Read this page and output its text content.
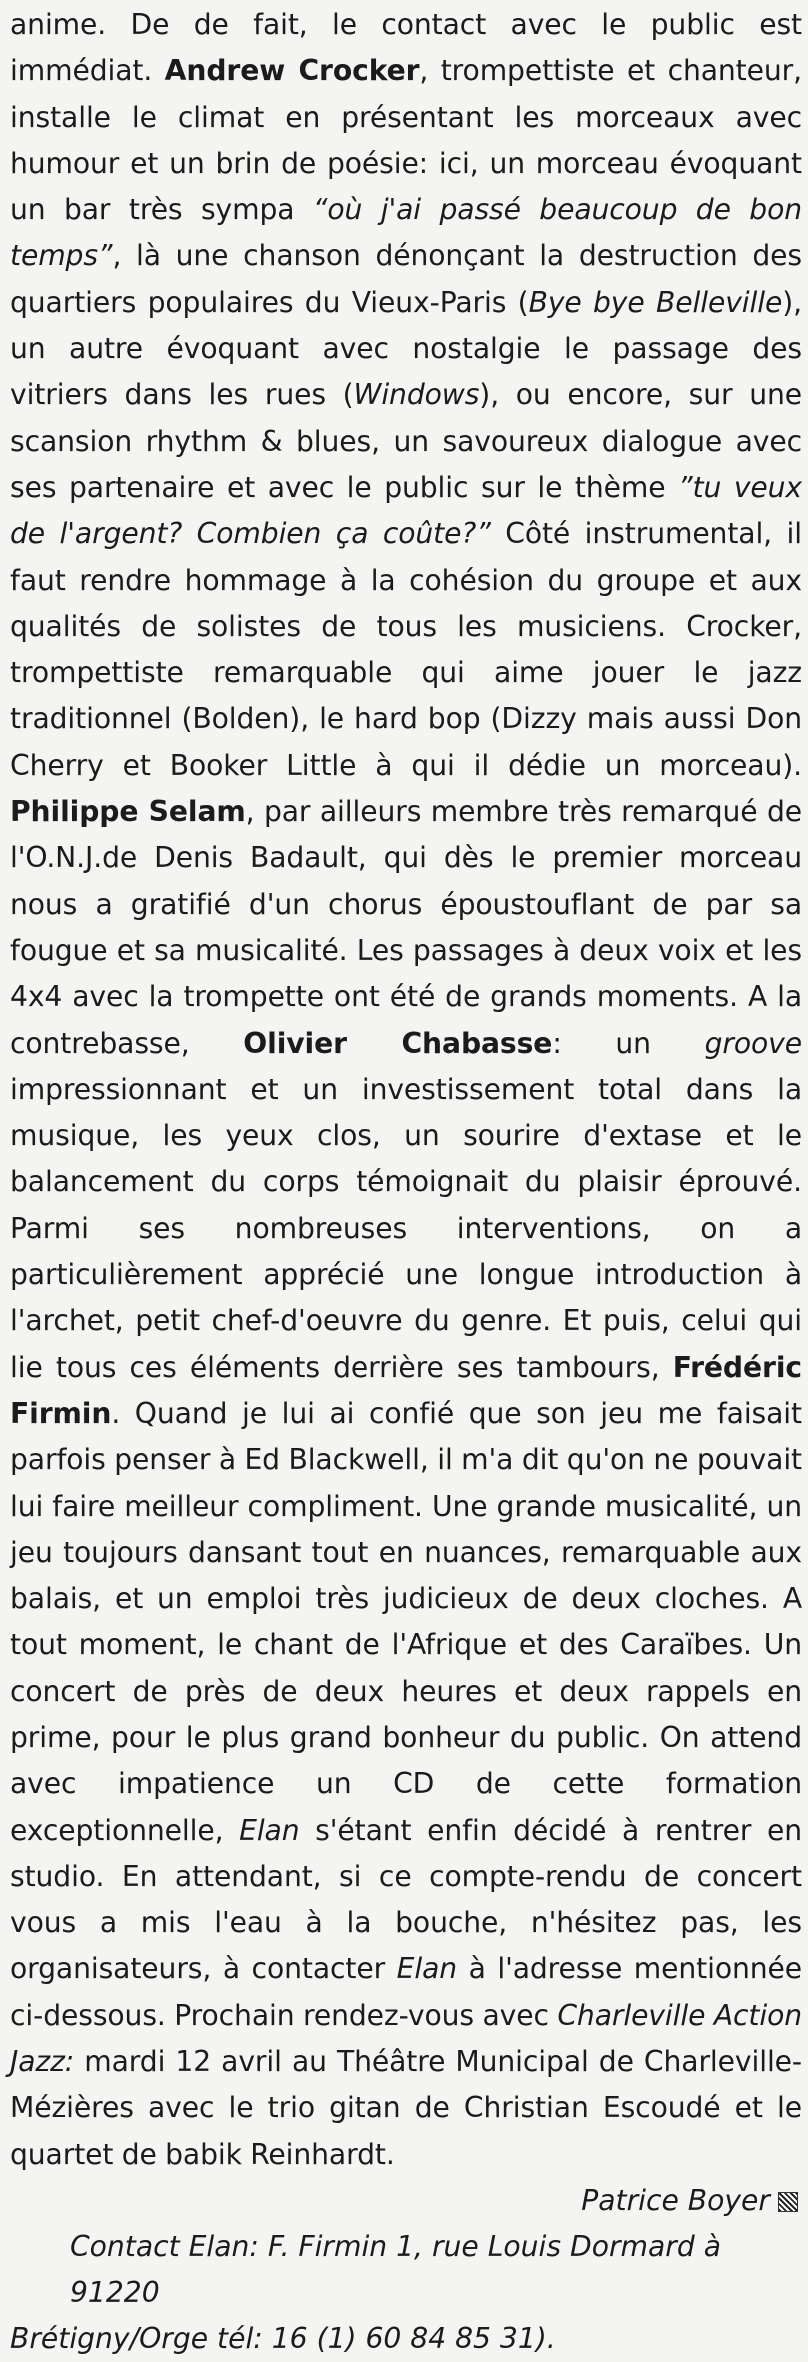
anime. De de fait, le contact avec le public est immédiat. Andrew Crocker, trompettiste et chanteur, installe le climat en présentant les morceaux avec humour et un brin de poésie: ici, un morceau évoquant un bar très sympa “où j'ai passé beaucoup de bon temps”, là une chanson dénonçant la destruction des quartiers populaires du Vieux-Paris (Bye bye Belleville), un autre évoquant avec nostalgie le passage des vitriers dans les rues (Windows), ou encore, sur une scansion rhythm & blues, un savoureux dialogue avec ses partenaire et avec le public sur le thème ”tu veux de l'argent? Combien ça coûte?” Côté instrumental, il faut rendre hommage à la cohésion du groupe et aux qualités de solistes de tous les musiciens. Crocker, trompettiste remarquable qui aime jouer le jazz traditionnel (Bolden), le hard bop (Dizzy mais aussi Don Cherry et Booker Little à qui il dédie un morceau). Philippe Selam, par ailleurs membre très remarqué de l'O.N.J.de Denis Badault, qui dès le premier morceau nous a gratifié d'un chorus époustouflant de par sa fougue et sa musicalité. Les passages à deux voix et les 4x4 avec la trompette ont été de grands moments. A la contrebasse, Olivier Chabasse: un groove impressionnant et un investissement total dans la musique, les yeux clos, un sourire d'extase et le balancement du corps témoignait du plaisir éprouvé. Parmi ses nombreuses interventions, on a particulièrement apprécié une longue introduction à l'archet, petit chef-d'oeuvre du genre. Et puis, celui qui lie tous ces éléments derrière ses tambours, Frédéric Firmin. Quand je lui ai confié que son jeu me faisait parfois penser à Ed Blackwell, il m'a dit qu'on ne pouvait lui faire meilleur compliment. Une grande musicalité, un jeu toujours dansant tout en nuances, remarquable aux balais, et un emploi très judicieux de deux cloches. A tout moment, le chant de l'Afrique et des Caraïbes. Un concert de près de deux heures et deux rappels en prime, pour le plus grand bonheur du public. On attend avec impatience un CD de cette formation exceptionnelle, Elan s'étant enfin décidé à rentrer en studio. En attendant, si ce compte-rendu de concert vous a mis l'eau à la bouche, n'hésitez pas, les organisateurs, à contacter Elan à l'adresse mentionnée ci-dessous. Prochain rendez-vous avec Charleville Action Jazz: mardi 12 avril au Théâtre Municipal de Charleville-Mézières avec le trio gitan de Christian Escoudé et le quartet de babik Reinhardt.

Patrice Boyer

Contact Elan: F. Firmin 1, rue Louis Dormard à 91220
Brétigny/Orge tél: 16 (1) 60 84 85 31).
